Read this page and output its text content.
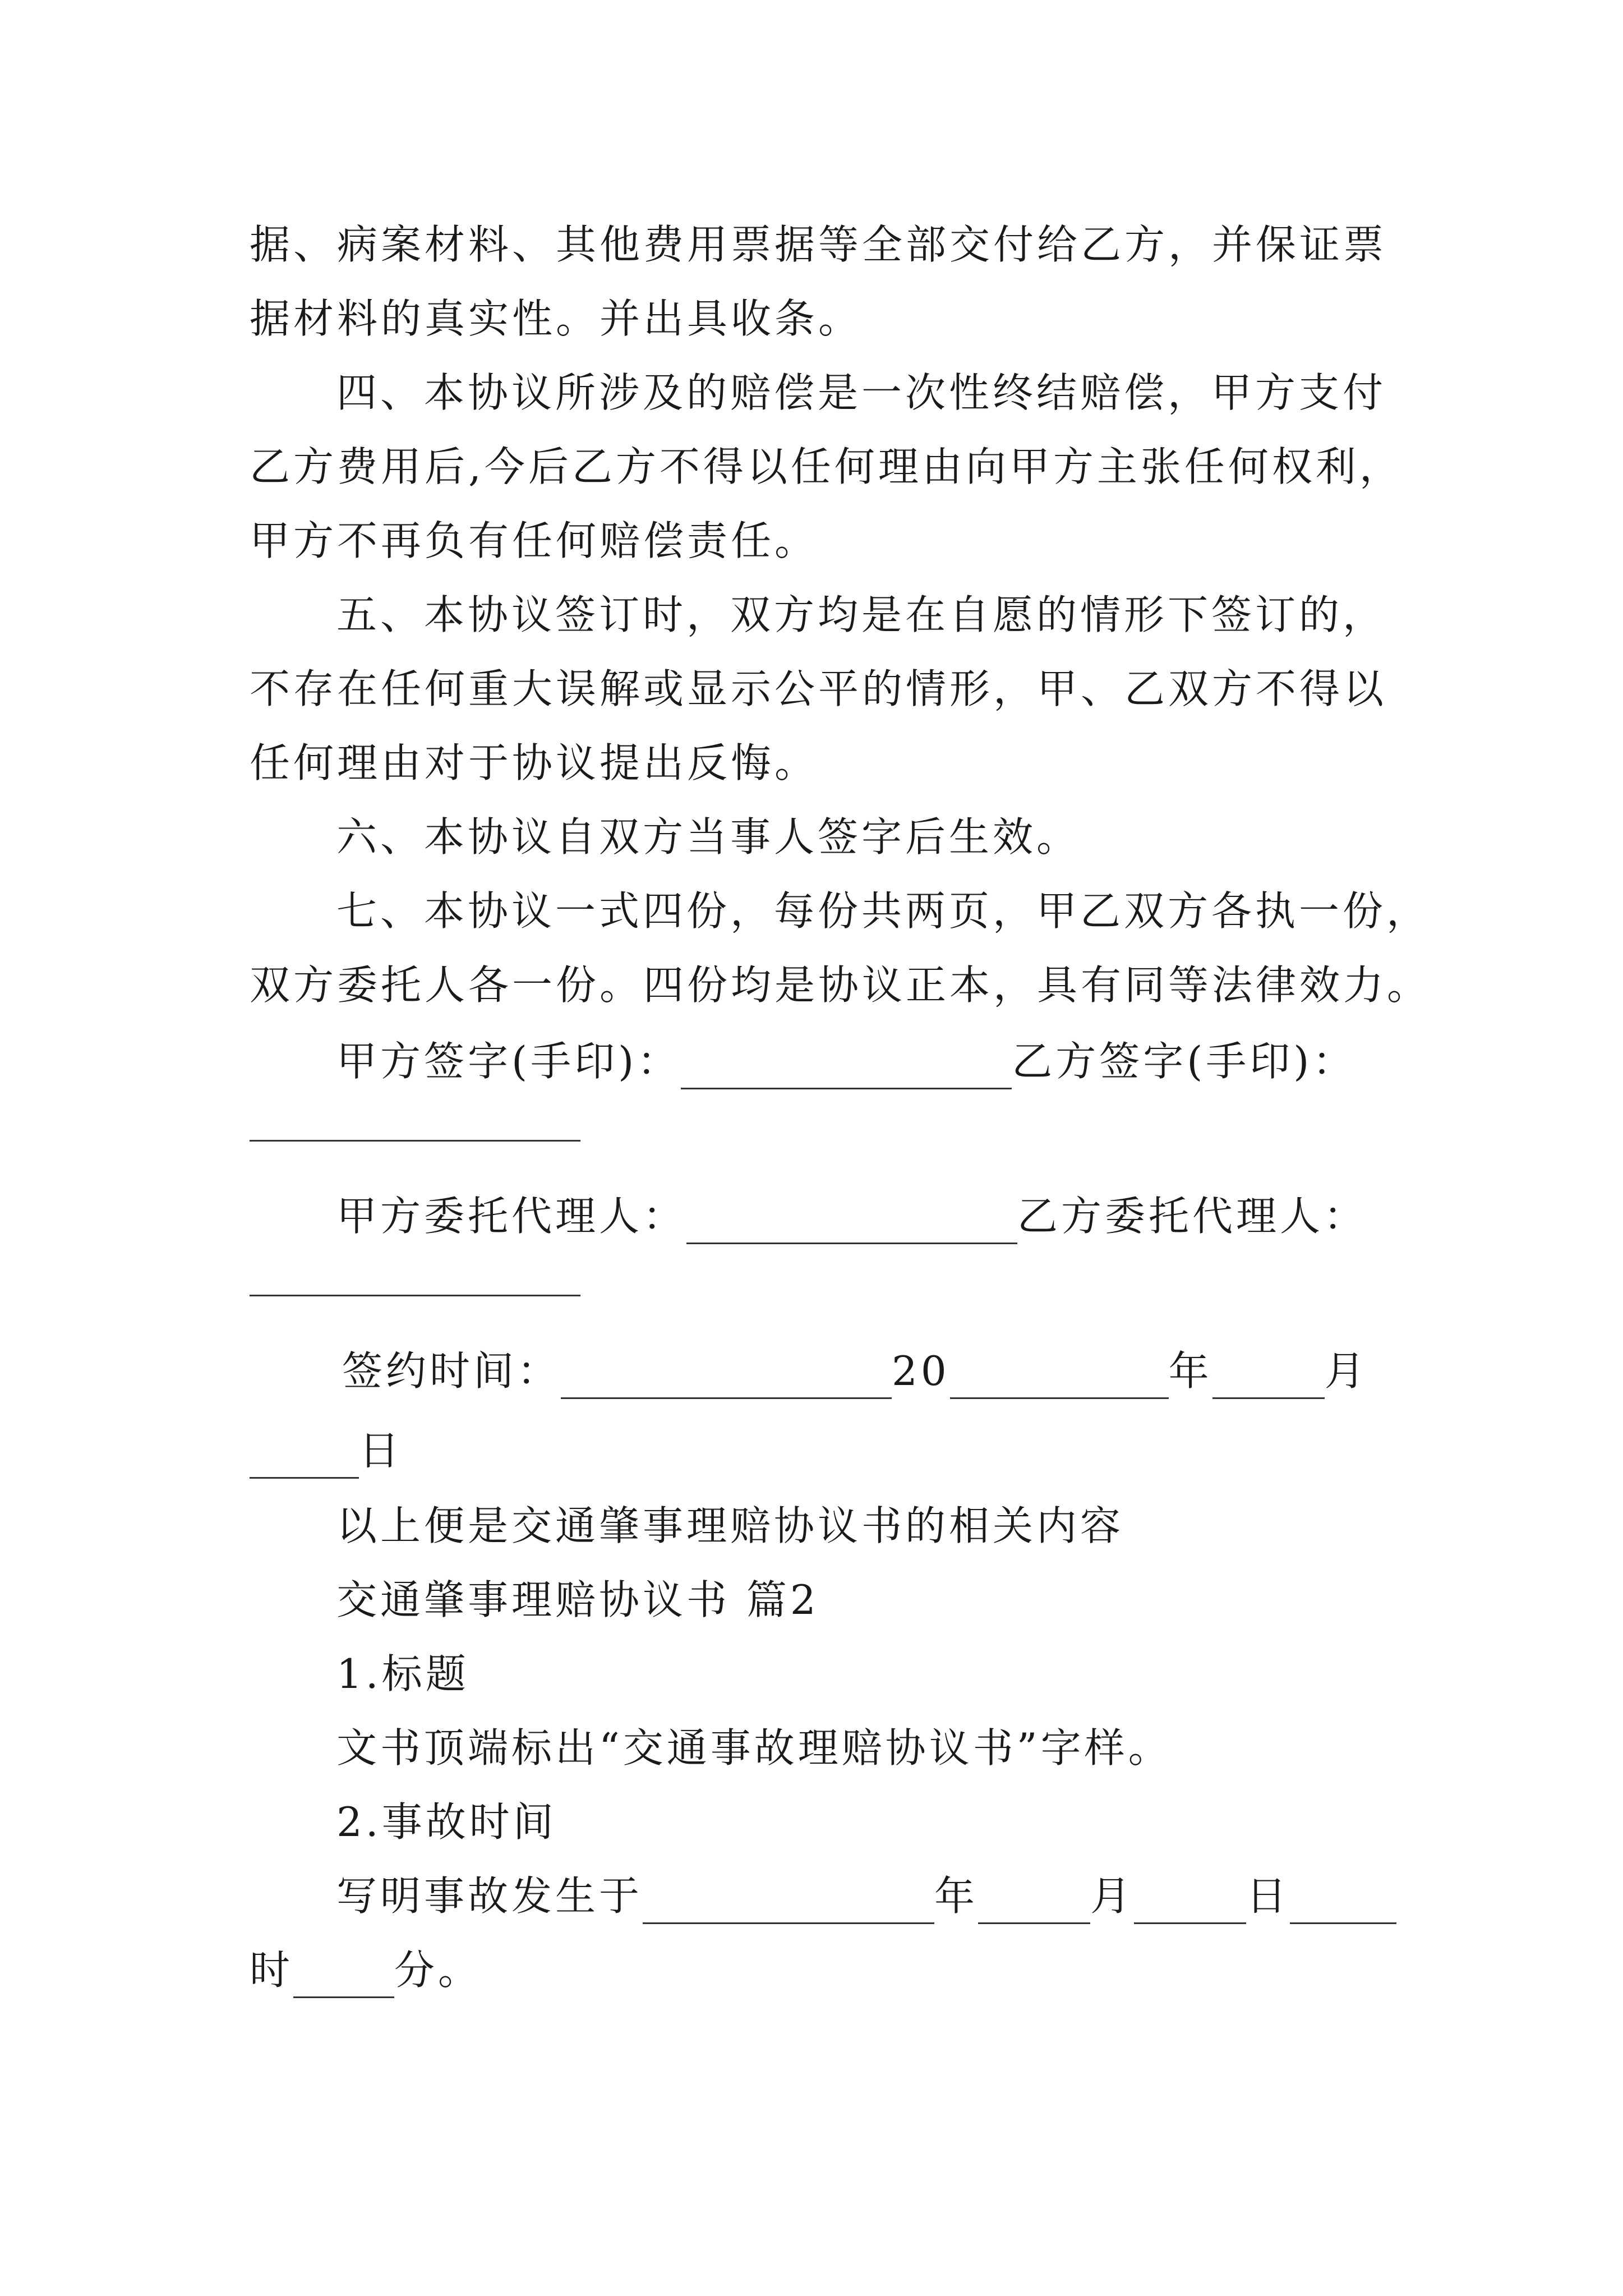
据、病案材料、其他费用票据等全部交付给乙方，并保证票
据材料的真实性。并出具收条。
四、本协议所涉及的赔偿是一次性终结赔偿，甲方支付
乙方费用后,今后乙方不得以任何理由向甲方主张任何权利，
甲方不再负有任何赔偿责任。
五、本协议签订时，双方均是在自愿的情形下签订的，
不存在任何重大误解或显示公平的情形，甲、乙双方不得以
任何理由对于协议提出反悔。
六、本协议自双方当事人签字后生效。
七、本协议一式四份，每份共两页，甲乙双方各执一份，
双方委托人各一份。四份均是协议正本，具有同等法律效力。
甲方签字(手印)：	乙方签字(手印)：
甲方委托代理人：	乙方委托代理人：
签约时间：	20	年	月
日
以上便是交通肇事理赔协议书的相关内容
交通肇事理赔协议书 篇2
1.标题
文书顶端标出“交通事故理赔协议书”字样。
2.事故时间
写明事故发生于	年	月	日
时	分。
